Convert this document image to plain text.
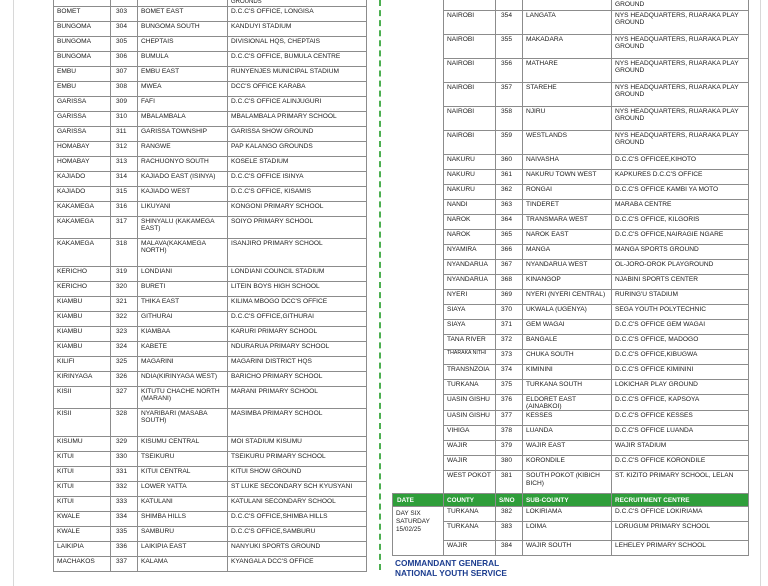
			GROUNDS
BOMET	303	BOMET EAST	D.C.C'S OFFICE, LONGISA
BUNGOMA	304	BUNGOMA SOUTH	KANDUYI STADIUM
BUNGOMA	305	CHEPTAIS	DIVISIONAL HQS, CHEPTAIS
BUNGOMA	306	BUMULA	D.C.C'S OFFICE, BUMULA CENTRE
EMBU	307	EMBU EAST	RUNYENJES MUNICIPAL STADIUM
EMBU	308	MWEA	DCC'S OFFICE KARABA
GARISSA	309	FAFI	D.C.C'S OFFICE ALINJUGURI
GARISSA	310	MBALAMBALA	MBALAMBALA PRIMARY SCHOOL
GARISSA	311	GARISSA TOWNSHIP	GARISSA SHOW GROUND
HOMABAY	312	RANGWE	PAP KALANGO GROUNDS
HOMABAY	313	RACHUONYO SOUTH	KOSELE STADIUM
KAJIADO	314	KAJIADO EAST (ISINYA)	D.C.C'S OFFICE ISINYA
KAJIADO	315	KAJIADO WEST	D.C.C'S OFFICE, KISAMIS
KAKAMEGA	316	LIKUYANI	KONGONI PRIMARY SCHOOL
KAKAMEGA	317	SHINYALU (KAKAMEGA EAST)	SOIYO PRIMARY SCHOOL
KAKAMEGA	318	MALAVA(KAKAMEGA NORTH)	ISANJIRO PRIMARY SCHOOL
KERICHO	319	LONDIANI	LONDIANI COUNCIL STADIUM
KERICHO	320	BURETI	LITEIN BOYS HIGH SCHOOL
KIAMBU	321	THIKA EAST	KILIMA MBOGO DCC'S OFFICE
KIAMBU	322	GITHURAI	D.C.C'S OFFICE,GITHURAI
KIAMBU	323	KIAMBAA	KARURI PRIMARY SCHOOL
KIAMBU	324	KABETE	NDURARUA PRIMARY SCHOOL
KILIFI	325	MAGARINI	MAGARINI DISTRICT HQS
KIRINYAGA	326	NDIA(KIRINYAGA WEST)	BARICHO PRIMARY SCHOOL
KISII	327	KITUTU CHACHE NORTH (MARANI)	MARANI PRIMARY SCHOOL
KISII	328	NYARIBARI (MASABA SOUTH)	MASIMBA PRIMARY SCHOOL
KISUMU	329	KISUMU CENTRAL	MOI STADIUM KISUMU
KITUI	330	TSEIKURU	TSEIKURU PRIMARY SCHOOL
KITUI	331	KITUI CENTRAL	KITUI SHOW GROUND
KITUI	332	LOWER YATTA	ST LUKE SECONDARY SCH KYUSYANI
KITUI	333	KATULANI	KATULANI SECONDARY SCHOOL
KWALE	334	SHIMBA HILLS	D.C.C'S OFFICE,SHIMBA HILLS
KWALE	335	SAMBURU	D.C.C'S OFFICE,SAMBURU
LAIKIPIA	336	LAIKIPIA EAST	NANYUKI SPORTS GROUND
MACHAKOS	337	KALAMA	KYANGALA DCC'S OFFICE
				GROUND
	NAIROBI	354	LANGATA	NYS HEADQUARTERS, RUARAKA PLAY GROUND
	NAIROBI	355	MAKADARA	NYS HEADQUARTERS, RUARAKA PLAY GROUND
	NAIROBI	356	MATHARE	NYS HEADQUARTERS, RUARAKA PLAY GROUND
	NAIROBI	357	STAREHE	NYS HEADQUARTERS, RUARAKA PLAY GROUND
	NAIROBI	358	NJIRU	NYS HEADQUARTERS, RUARAKA PLAY GROUND
	NAIROBI	359	WESTLANDS	NYS HEADQUARTERS, RUARAKA PLAY GROUND
	NAKURU	360	NAIVASHA	D.C.C'S OFFICEE,KIHOTO
	NAKURU	361	NAKURU TOWN WEST	KAPKURES D.C.C'S OFFICE
	NAKURU	362	RONGAI	D.C.C'S OFFICE KAMBI YA MOTO
	NANDI	363	TINDERET	MARABA CENTRE
	NAROK	364	TRANSMARA WEST	D.C.C'S OFFICE, KILGORIS
	NAROK	365	NAROK EAST	D.C.C'S OFFICE,NAIRAGIE NGARE
	NYAMIRA	366	MANGA	MANGA SPORTS GROUND
	NYANDARUA	367	NYANDARUA WEST	OL-JORO-OROK PLAYGROUND
	NYANDARUA	368	KINANGOP	NJABINI SPORTS CENTER
	NYERI	369	NYERI (NYERI CENTRAL)	RURING'U STADIUM
	SIAYA	370	UKWALA (UGENYA)	SEGA YOUTH POLYTECHNIC
	SIAYA	371	GEM WAGAI	D.C.C'S OFFICE GEM WAGAI
	TANA RIVER	372	BANGALE	D.C.C'S OFFICE, MADOGO
	THARAKA NITHI	373	CHUKA SOUTH	D.C.C'S OFFICE,KIBUGWA
	TRANSNZOIA	374	KIMININI	D.C.C'S OFFICE KIMININI
	TURKANA	375	TURKANA SOUTH	LOKICHAR PLAY GROUND
	UASIN GISHU	376	ELDORET EAST (AINABKOI)	D.C.C'S OFFICE, KAPSOYA
	UASIN GISHU	377	KESSES	D.C.C'S OFFICE KESSES
	VIHIGA	378	LUANDA	D.C.C'S OFFICE LUANDA
	WAJIR	379	WAJIR EAST	WAJIR STADIUM
	WAJIR	380	KORONDILE	D.C.C'S OFFICE KORONDILE
	WEST POKOT	381	SOUTH POKOT (KIBICH BICH)	ST. KIZITO PRIMARY SCHOOL, LELAN
DATE	COUNTY	S/NO	SUB-COUNTY	RECRUITMENT CENTRE

DAY SIX
SATURDAY
15/02/25	TURKANA	382	LOKIRIAMA	D.C.C'S OFFICE LOKIRIAMA
	TURKANA	383	LOIMA	LORUGUM PRIMARY SCHOOL
	WAJIR	384	WAJIR SOUTH	LEHELEY PRIMARY SCHOOL
COMMANDANT GENERAL
NATIONAL YOUTH SERVICE
